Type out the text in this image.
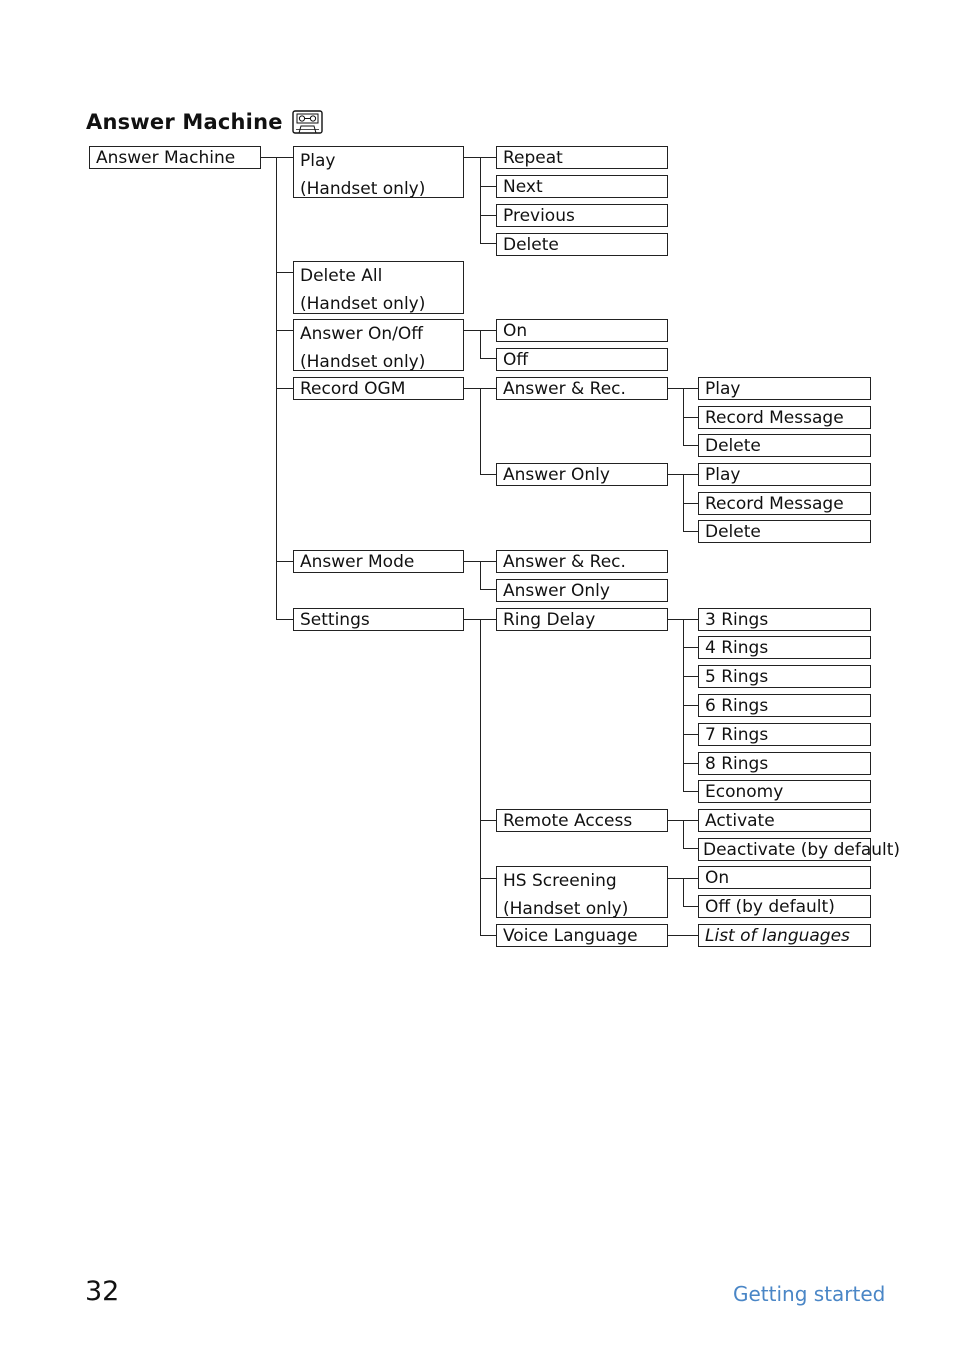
Answer Machine
Answer Machine	Play
(Handset only)
Delete All
(Handset only)
Answer On/Off
(Handset only)
Record OGM
Answer Mode
Settings
Repeat
Next
Previous
Delete
On
Off
Answer & Rec.
Answer Only
Answer & Rec.
Answer Only
Ring Delay
Remote Access
HS Screening
(Handset only)
Voice Language
Play
Record Message
Delete
Play
Record Message
Delete
3 Rings
4 Rings
5 Rings
6 Rings
7 Rings
8 Rings
Economy
Activate
Deactivate (by default)
On
Off (by default)
List of languages
32	Getting started
